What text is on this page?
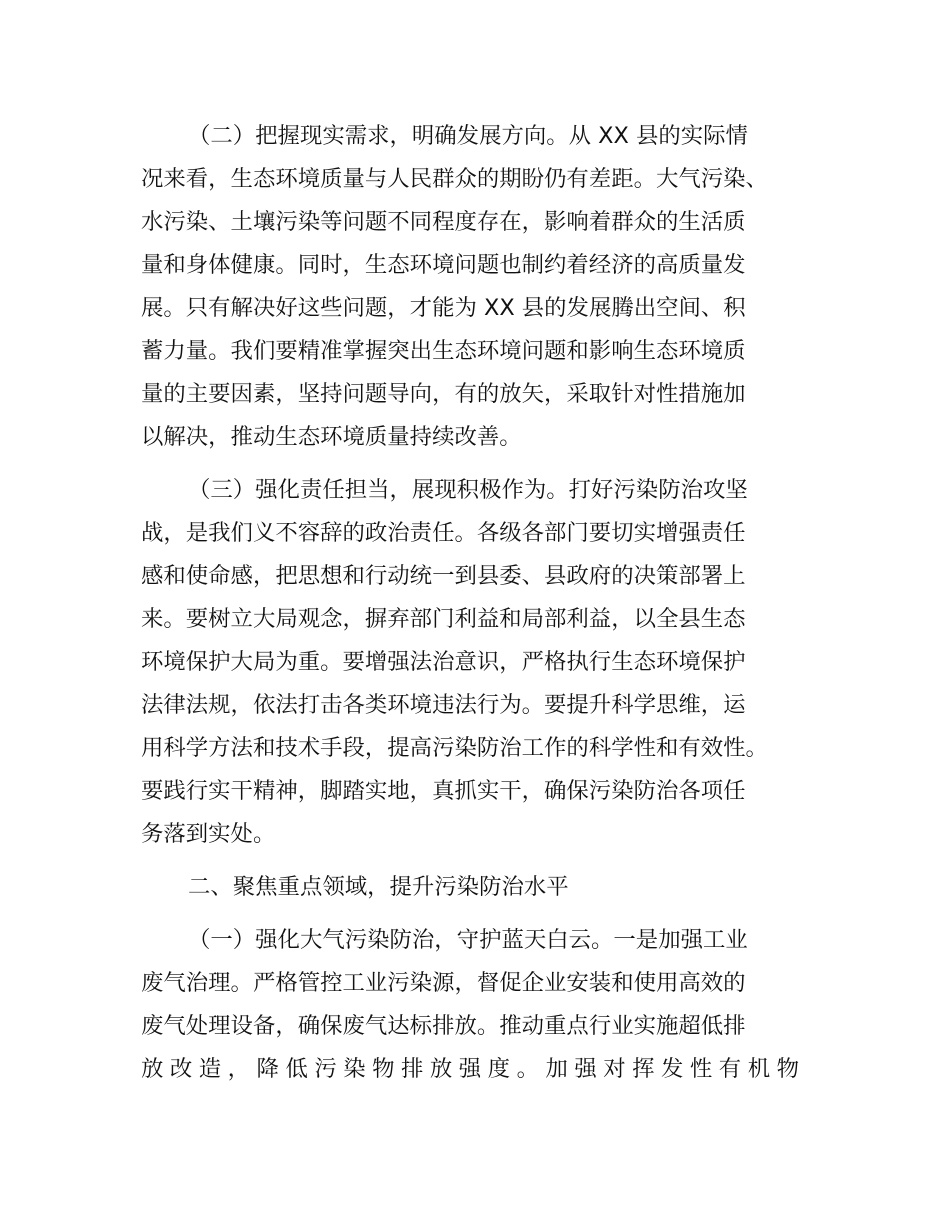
（二）把握现实需求，明确发展方向。从 XX 县的实际情
况来看，生态环境质量与人民群众的期盼仍有差距。大气污染、
水污染、土壤污染等问题不同程度存在，影响着群众的生活质
量和身体健康。同时，生态环境问题也制约着经济的高质量发
展。只有解决好这些问题，才能为 XX 县的发展腾出空间、积
蓄力量。我们要精准掌握突出生态环境问题和影响生态环境质
量的主要因素，坚持问题导向，有的放矢，采取针对性措施加
以解决，推动生态环境质量持续改善。
（三）强化责任担当，展现积极作为。打好污染防治攻坚
战，是我们义不容辞的政治责任。各级各部门要切实增强责任
感和使命感，把思想和行动统一到县委、县政府的决策部署上
来。要树立大局观念，摒弃部门利益和局部利益，以全县生态
环境保护大局为重。要增强法治意识，严格执行生态环境保护
法律法规，依法打击各类环境违法行为。要提升科学思维，运
用科学方法和技术手段，提高污染防治工作的科学性和有效性。
要践行实干精神，脚踏实地，真抓实干，确保污染防治各项任
务落到实处。
二、聚焦重点领域，提升污染防治水平
（一）强化大气污染防治，守护蓝天白云。一是加强工业
废气治理。严格管控工业污染源，督促企业安装和使用高效的
废气处理设备，确保废气达标排放。推动重点行业实施超低排
放改造，降低污染物排放强度。加强对挥发性有机物
